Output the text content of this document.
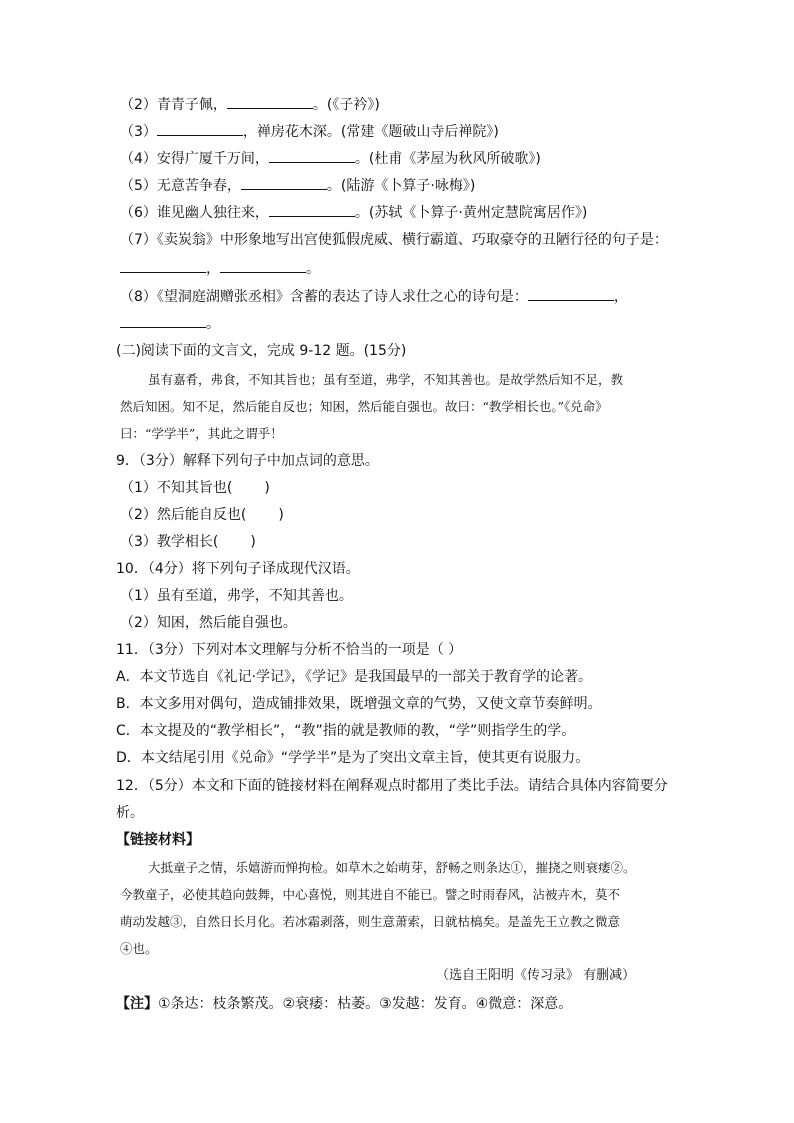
（2）青青子佩，	。(《子衿》)
（3）	，禅房花木深。(常建《题破山寺后禅院》)
（4）安得广厦千万间，	。(杜甫《茅屋为秋风所破歌》)
（5）无意苦争春，	。(陆游《卜算子·咏梅》)
（6）谁见幽人独往来，	。(苏轼《卜算子·黄州定慧院寓居作》)
（7）《卖炭翁》中形象地写出宫使狐假虎威、横行霸道、巧取豪夺的丑陋行径的句子是：
，	。
（8）《望洞庭湖赠张丞相》含蓄的表达了诗人求仕之心的诗句是：	，
。
(二)阅读下面的文言文，完成 9-12 题。(15分)
虽有嘉肴，弗食，不知其旨也；虽有至道，弗学，不知其善也。是故学然后知不足，教
然后知困。知不足，然后能自反也；知困，然后能自强也。故曰：“教学相长也。”《兑命》
曰：“学学半”，其此之谓乎！
9．（3分）解释下列句子中加点词的意思。
（1）不知其旨也( )
（2）然后能自反也( )
（3）教学相长( )
10．（4分）将下列句子译成现代汉语。
（1）虽有至道，弗学，不知其善也。
（2）知困，然后能自强也。
11．（3分）下列对本文理解与分析不恰当的一项是（ ）
A．本文节选自《礼记·学记》，《学记》是我国最早的一部关于教育学的论著。
B．本文多用对偶句，造成铺排效果，既增强文章的气势，又使文章节奏鲜明。
C．本文提及的“教学相长”，“教”指的就是教师的教，“学”则指学生的学。
D．本文结尾引用《兑命》“学学半”是为了突出文章主旨，使其更有说服力。
12．（5分）本文和下面的链接材料在阐释观点时都用了类比手法。请结合具体内容简要分
析。
【链接材料】
大抵童子之情，乐嬉游而惮拘检。如草木之始萌芽，舒畅之则条达①，摧挠之则衰痿②。
今教童子，必使其趋向鼓舞，中心喜悦，则其进自不能已。譬之时雨春风，沾被卉木，莫不
萌动发越③，自然日长月化。若冰霜剥落，则生意萧索，日就枯槁矣。是盖先王立教之微意
④也。
（选自王阳明《传习录》 有删减）
【注】①条达：枝条繁茂。②衰痿：枯萎。③发越：发育。④微意：深意。
